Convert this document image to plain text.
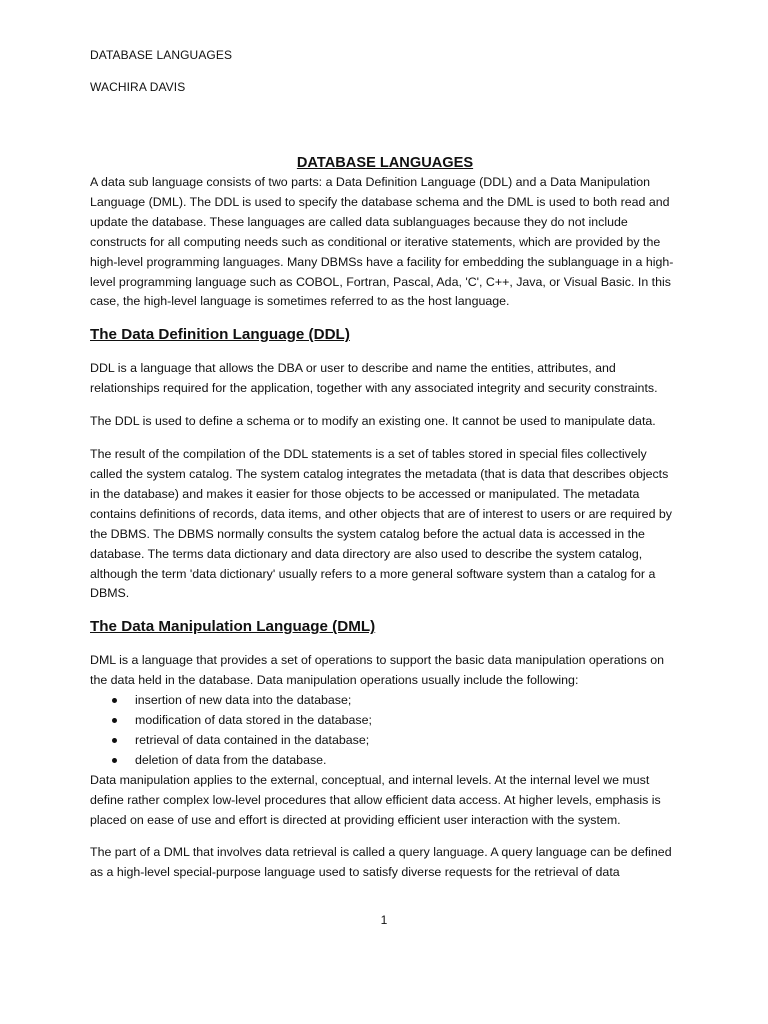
DATABASE LANGUAGES
WACHIRA DAVIS
DATABASE LANGUAGES

A data sub language consists of two parts: a Data Definition Language (DDL) and a Data Manipulation Language (DML). The DDL is used to specify the database schema and the DML is used to both read and update the database. These languages are called data sublanguages because they do not include constructs for all computing needs such as conditional or iterative statements, which are provided by the high-level programming languages. Many DBMSs have a facility for embedding the sublanguage in a high-level programming language such as COBOL, Fortran, Pascal, Ada, 'C', C++, Java, or Visual Basic. In this case, the high-level language is sometimes referred to as the host language.

The Data Definition Language (DDL)

DDL is a language that allows the DBA or user to describe and name the entities, attributes, and relationships required for the application, together with any associated integrity and security constraints.

The DDL is used to define a schema or to modify an existing one. It cannot be used to manipulate data.

The result of the compilation of the DDL statements is a set of tables stored in special files collectively called the system catalog. The system catalog integrates the metadata (that is data that describes objects in the database) and makes it easier for those objects to be accessed or manipulated. The metadata contains definitions of records, data items, and other objects that are of interest to users or are required by the DBMS. The DBMS normally consults the system catalog before the actual data is accessed in the database. The terms data dictionary and data directory are also used to describe the system catalog, although the term 'data dictionary' usually refers to a more general software system than a catalog for a DBMS.

The Data Manipulation Language (DML)

DML is a language that provides a set of operations to support the basic data manipulation operations on the data held in the database. Data manipulation operations usually include the following:

insertion of new data into the database;
modification of data stored in the database;
retrieval of data contained in the database;
deletion of data from the database.

Data manipulation applies to the external, conceptual, and internal levels. At the internal level we must define rather complex low-level procedures that allow efficient data access. At higher levels, emphasis is placed on ease of use and effort is directed at providing efficient user interaction with the system.

The part of a DML that involves data retrieval is called a query language. A query language can be defined as a high-level special-purpose language used to satisfy diverse requests for the retrieval of data

1
